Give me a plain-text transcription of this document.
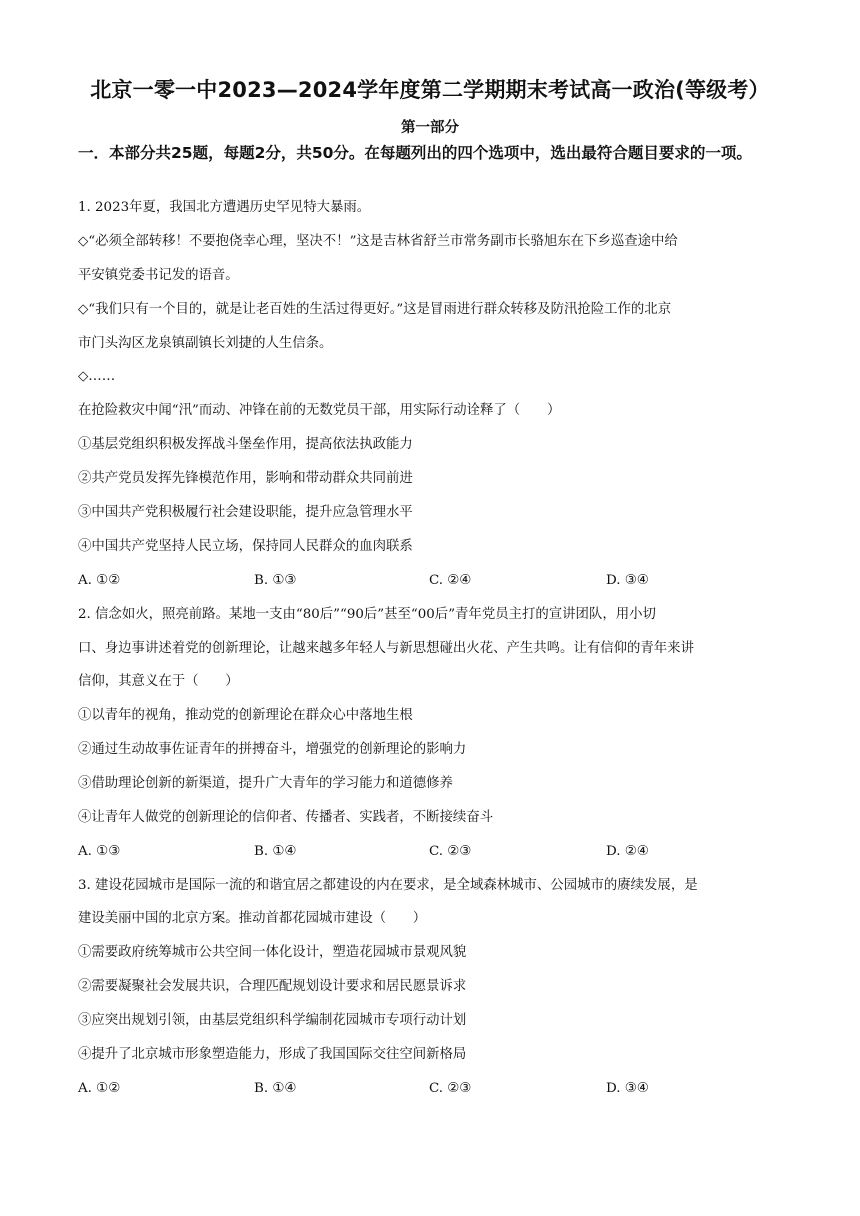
北京一零一中2023—2024学年度第二学期期末考试高一政治(等级考）
第一部分
一．本部分共25题，每题2分，共50分。在每题列出的四个选项中，选出最符合题目要求的一项。
1. 2023年夏，我国北方遭遇历史罕见特大暴雨。
◇“必须全部转移！不要抱侥幸心理，坚决不！”这是吉林省舒兰市常务副市长骆旭东在下乡巡查途中给
平安镇党委书记发的语音。
◇“我们只有一个目的，就是让老百姓的生活过得更好。”这是冒雨进行群众转移及防汛抢险工作的北京
市门头沟区龙泉镇副镇长刘捷的人生信条。
◇……
在抢险救灾中闻“汛”而动、冲锋在前的无数党员干部，用实际行动诠释了（　　）
①基层党组织积极发挥战斗堡垒作用，提高依法执政能力
②共产党员发挥先锋模范作用，影响和带动群众共同前进
③中国共产党积极履行社会建设职能，提升应急管理水平
④中国共产党坚持人民立场，保持同人民群众的血肉联系
A. ①②	B. ①③	C. ②④	D. ③④
2. 信念如火，照亮前路。某地一支由“80后”“90后”甚至“00后”青年党员主打的宣讲团队，用小切
口、身边事讲述着党的创新理论，让越来越多年轻人与新思想碰出火花、产生共鸣。让有信仰的青年来讲
信仰，其意义在于（　　）
①以青年的视角，推动党的创新理论在群众心中落地生根
②通过生动故事佐证青年的拼搏奋斗，增强党的创新理论的影响力
③借助理论创新的新渠道，提升广大青年的学习能力和道德修养
④让青年人做党的创新理论的信仰者、传播者、实践者，不断接续奋斗
A. ①③	B. ①④	C. ②③	D. ②④
3. 建设花园城市是国际一流的和谐宜居之都建设的内在要求，是全域森林城市、公园城市的赓续发展，是
建设美丽中国的北京方案。推动首都花园城市建设（　　）
①需要政府统筹城市公共空间一体化设计，塑造花园城市景观风貌
②需要凝聚社会发展共识，合理匹配规划设计要求和居民愿景诉求
③应突出规划引领，由基层党组织科学编制花园城市专项行动计划
④提升了北京城市形象塑造能力，形成了我国国际交往空间新格局
A. ①②	B. ①④	C. ②③	D. ③④
